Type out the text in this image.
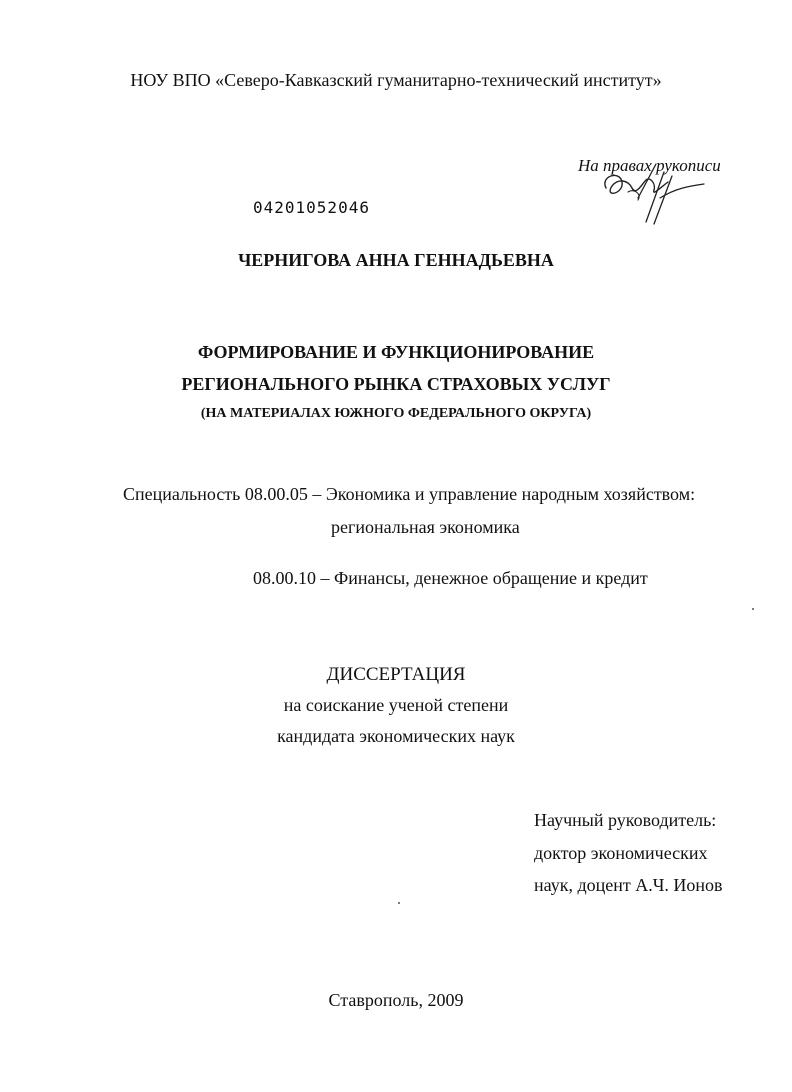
НОУ ВПО «Северо-Кавказский гуманитарно-технический институт»
На правах рукописи
04201052046
ЧЕРНИГОВА АННА ГЕННАДЬЕВНА
ФОРМИРОВАНИЕ И ФУНКЦИОНИРОВАНИЕ
РЕГИОНАЛЬНОГО РЫНКА СТРАХОВЫХ УСЛУГ
(НА МАТЕРИАЛАХ ЮЖНОГО ФЕДЕРАЛЬНОГО ОКРУГА)
Специальность 08.00.05 – Экономика и управление народным хозяйством:
региональная экономика
08.00.10 – Финансы, денежное обращение и кредит
ДИССЕРТАЦИЯ
на соискание ученой степени
кандидата экономических наук
Научный руководитель:
доктор экономических
наук, доцент А.Ч. Ионов
Ставрополь, 2009
